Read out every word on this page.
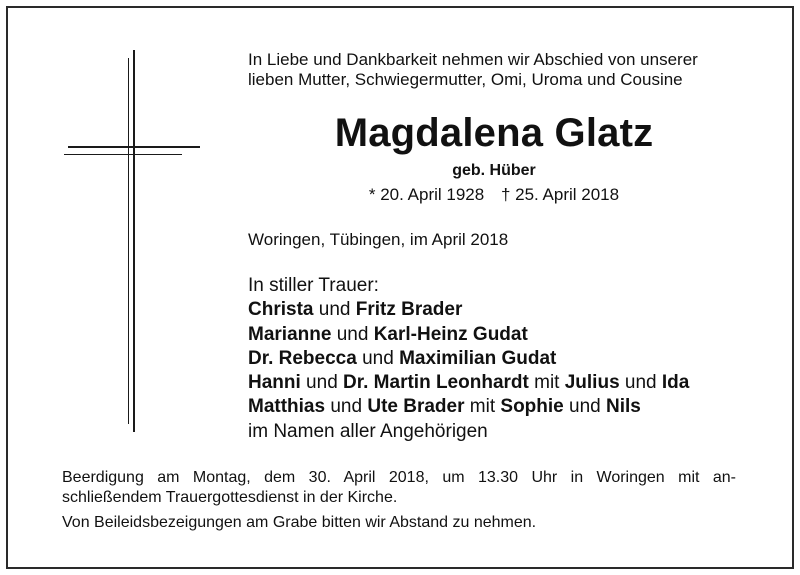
In Liebe und Dankbarkeit nehmen wir Abschied von unserer
lieben Mutter, Schwiegermutter, Omi, Uroma und Cousine

Magdalena Glatz
geb. Hüber
* 20. April 1928 † 25. April 2018
Woringen, Tübingen, im April 2018
In stiller Trauer:
Christa und Fritz Brader
Marianne und Karl-Heinz Gudat
Dr. Rebecca und Maximilian Gudat
Hanni und Dr. Martin Leonhardt mit Julius und Ida
Matthias und Ute Brader mit Sophie und Nils
im Namen aller Angehörigen
Beerdigung am Montag, dem 30. April 2018, um 13.30 Uhr in Woringen mit an-
schließendem Trauergottesdienst in der Kirche.
Von Beileidsbezeigungen am Grabe bitten wir Abstand zu nehmen.
